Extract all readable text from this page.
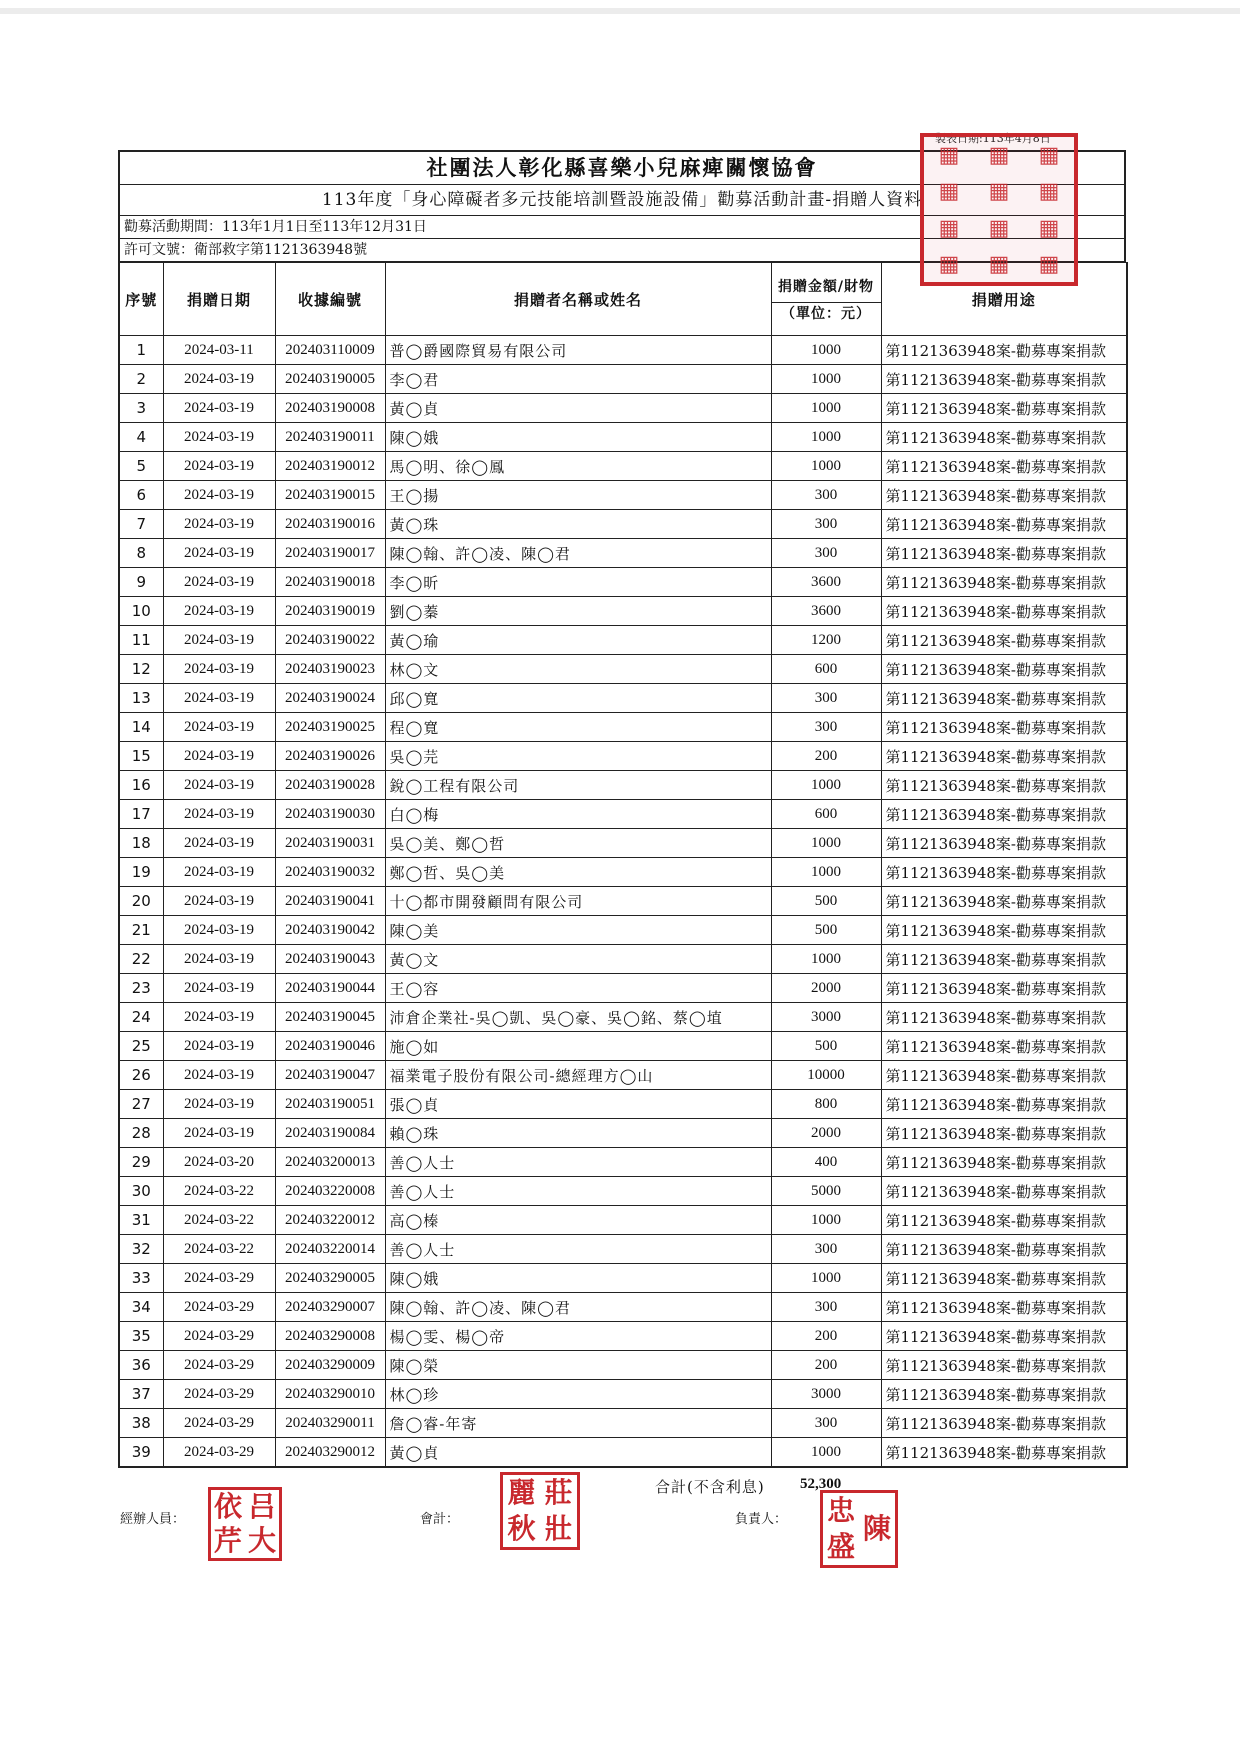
製表日期:113年4月8日
社團法人彰化縣喜樂小兒麻痺關懷協會
113年度「身心障礙者多元技能培訓暨設施設備」勸募活動計畫-捐贈人資料
勸募活動期間：113年1月1日至113年12月31日
許可文號：衛部救字第1121363948號
序號	捐贈日期	收據編號	捐贈者名稱或姓名	捐贈金額/財物
（單位：元）	捐贈用途
1	2024-03-11	202403110009	普◯爵國際貿易有限公司	1000	第1121363948案-勸募專案捐款
2	2024-03-19	202403190005	李◯君	1000	第1121363948案-勸募專案捐款
3	2024-03-19	202403190008	黃◯貞	1000	第1121363948案-勸募專案捐款
4	2024-03-19	202403190011	陳◯娥	1000	第1121363948案-勸募專案捐款
5	2024-03-19	202403190012	馬◯明、徐◯鳳	1000	第1121363948案-勸募專案捐款
6	2024-03-19	202403190015	王◯揚	300	第1121363948案-勸募專案捐款
7	2024-03-19	202403190016	黃◯珠	300	第1121363948案-勸募專案捐款
8	2024-03-19	202403190017	陳◯翰、許◯凌、陳◯君	300	第1121363948案-勸募專案捐款
9	2024-03-19	202403190018	李◯昕	3600	第1121363948案-勸募專案捐款
10	2024-03-19	202403190019	劉◯蓁	3600	第1121363948案-勸募專案捐款
11	2024-03-19	202403190022	黃◯瑜	1200	第1121363948案-勸募專案捐款
12	2024-03-19	202403190023	林◯文	600	第1121363948案-勸募專案捐款
13	2024-03-19	202403190024	邱◯寬	300	第1121363948案-勸募專案捐款
14	2024-03-19	202403190025	程◯寬	300	第1121363948案-勸募專案捐款
15	2024-03-19	202403190026	吳◯芫	200	第1121363948案-勸募專案捐款
16	2024-03-19	202403190028	銳◯工程有限公司	1000	第1121363948案-勸募專案捐款
17	2024-03-19	202403190030	白◯梅	600	第1121363948案-勸募專案捐款
18	2024-03-19	202403190031	吳◯美、鄭◯哲	1000	第1121363948案-勸募專案捐款
19	2024-03-19	202403190032	鄭◯哲、吳◯美	1000	第1121363948案-勸募專案捐款
20	2024-03-19	202403190041	十◯都市開發顧問有限公司	500	第1121363948案-勸募專案捐款
21	2024-03-19	202403190042	陳◯美	500	第1121363948案-勸募專案捐款
22	2024-03-19	202403190043	黃◯文	1000	第1121363948案-勸募專案捐款
23	2024-03-19	202403190044	王◯容	2000	第1121363948案-勸募專案捐款
24	2024-03-19	202403190045	沛倉企業社-吳◯凱、吳◯豪、吳◯銘、蔡◯埴	3000	第1121363948案-勸募專案捐款
25	2024-03-19	202403190046	施◯如	500	第1121363948案-勸募專案捐款
26	2024-03-19	202403190047	福業電子股份有限公司-總經理方◯山	10000	第1121363948案-勸募專案捐款
27	2024-03-19	202403190051	張◯貞	800	第1121363948案-勸募專案捐款
28	2024-03-19	202403190084	賴◯珠	2000	第1121363948案-勸募專案捐款
29	2024-03-20	202403200013	善◯人士	400	第1121363948案-勸募專案捐款
30	2024-03-22	202403220008	善◯人士	5000	第1121363948案-勸募專案捐款
31	2024-03-22	202403220012	高◯榛	1000	第1121363948案-勸募專案捐款
32	2024-03-22	202403220014	善◯人士	300	第1121363948案-勸募專案捐款
33	2024-03-29	202403290005	陳◯娥	1000	第1121363948案-勸募專案捐款
34	2024-03-29	202403290007	陳◯翰、許◯凌、陳◯君	300	第1121363948案-勸募專案捐款
35	2024-03-29	202403290008	楊◯雯、楊◯帝	200	第1121363948案-勸募專案捐款
36	2024-03-29	202403290009	陳◯榮	200	第1121363948案-勸募專案捐款
37	2024-03-29	202403290010	林◯珍	3000	第1121363948案-勸募專案捐款
38	2024-03-29	202403290011	詹◯睿-年寄	300	第1121363948案-勸募專案捐款
39	2024-03-29	202403290012	黃◯貞	1000	第1121363948案-勸募專案捐款
合計(不含利息) 52,300
經辦人員：	會計：	負責人：
依 吕
芹 大
麗 莊
秋 壯
忠
陳
盛
▦	▦	▦
▦	▦	▦
▦	▦	▦
▦	▦	▦
